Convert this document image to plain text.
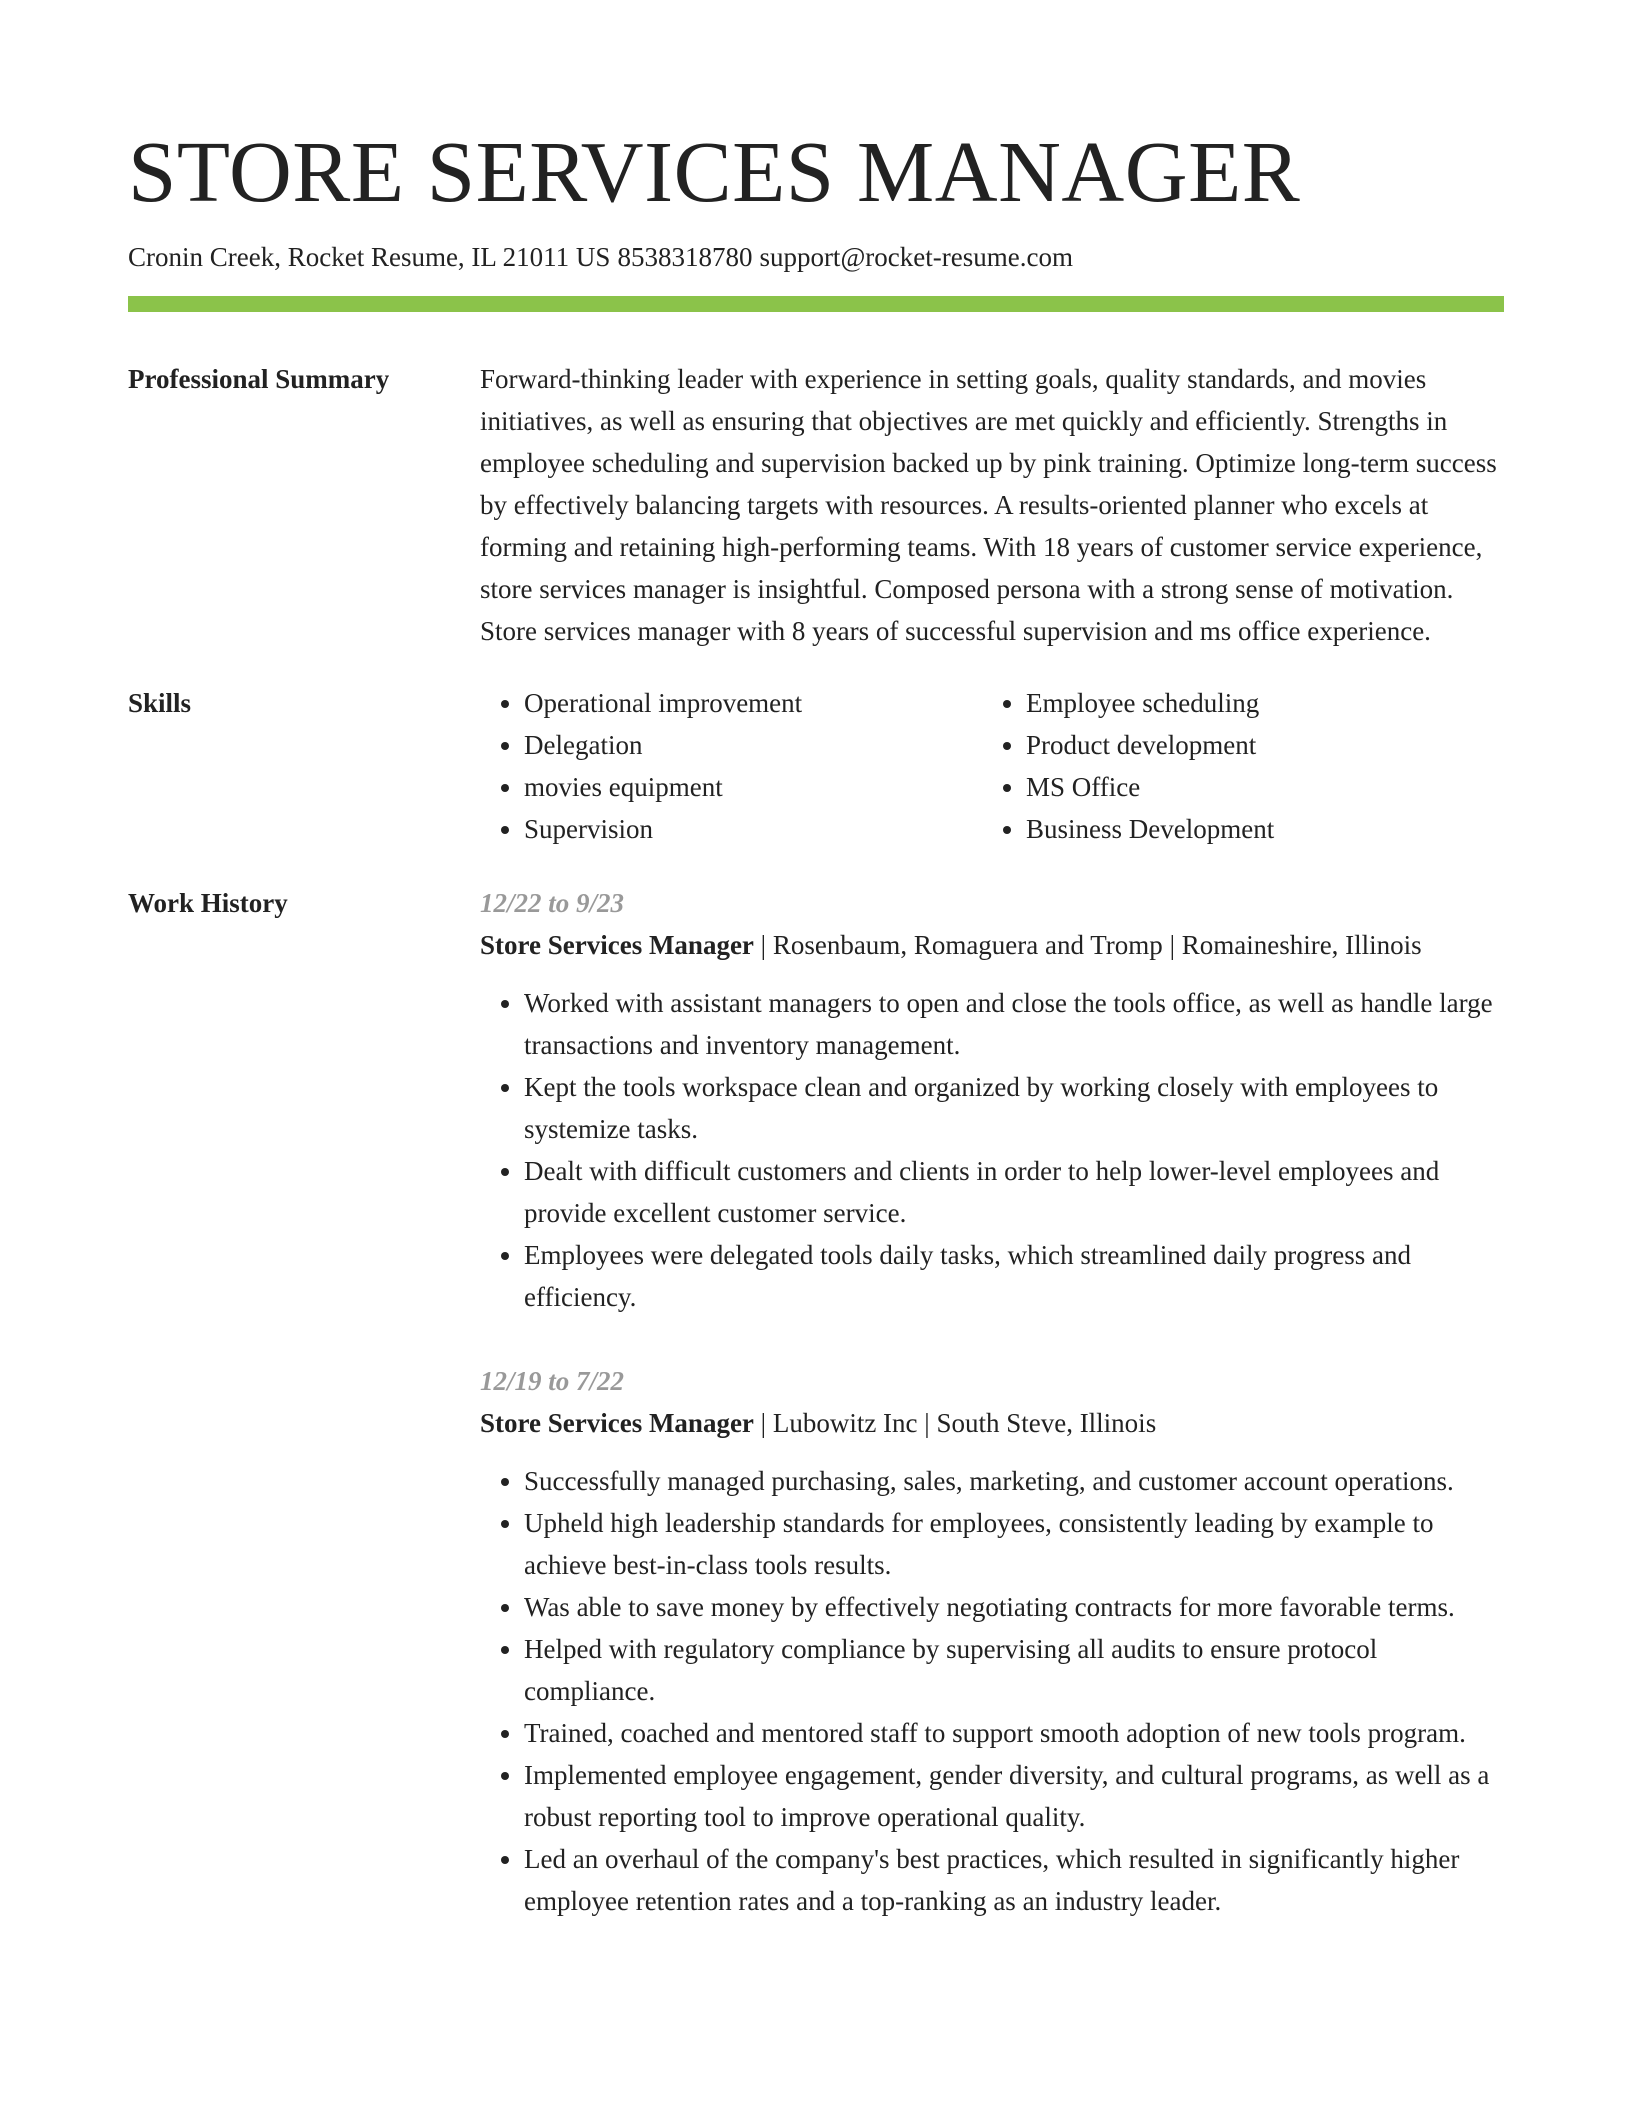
STORE SERVICES MANAGER
Cronin Creek, Rocket Resume, IL 21011 US 8538318780 support@rocket-resume.com
Professional Summary	Forward-thinking leader with experience in setting goals, quality standards, and movies initiatives, as well as ensuring that objectives are met quickly and efficiently. Strengths in employee scheduling and supervision backed up by pink training. Optimize long-term success by effectively balancing targets with resources. A results-oriented planner who excels at forming and retaining high-performing teams. With 18 years of customer service experience, store services manager is insightful. Composed persona with a strong sense of motivation. Store services manager with 8 years of successful supervision and ms office experience.

Skills
•	Operational improvement
• Delegation
• movies equipment
• Supervision
• Employee scheduling
• Product development
• MS Office
• Business Development
Work History	12/22 to 9/23
Store Services Manager | Rosenbaum, Romaguera and Tromp | Romaineshire, Illinois
• Worked with assistant managers to open and close the tools office, as well as handle large transactions and inventory management.
• Kept the tools workspace clean and organized by working closely with employees to systemize tasks.
• Dealt with difficult customers and clients in order to help lower-level employees and provide excellent customer service.
• Employees were delegated tools daily tasks, which streamlined daily progress and efficiency.
12/19 to 7/22
Store Services Manager | Lubowitz Inc | South Steve, Illinois
• Successfully managed purchasing, sales, marketing, and customer account operations.
• Upheld high leadership standards for employees, consistently leading by example to achieve best-in-class tools results.
• Was able to save money by effectively negotiating contracts for more favorable terms.
• Helped with regulatory compliance by supervising all audits to ensure protocol compliance.
• Trained, coached and mentored staff to support smooth adoption of new tools program.
• Implemented employee engagement, gender diversity, and cultural programs, as well as a robust reporting tool to improve operational quality.
• Led an overhaul of the company's best practices, which resulted in significantly higher employee retention rates and a top-ranking as an industry leader.
